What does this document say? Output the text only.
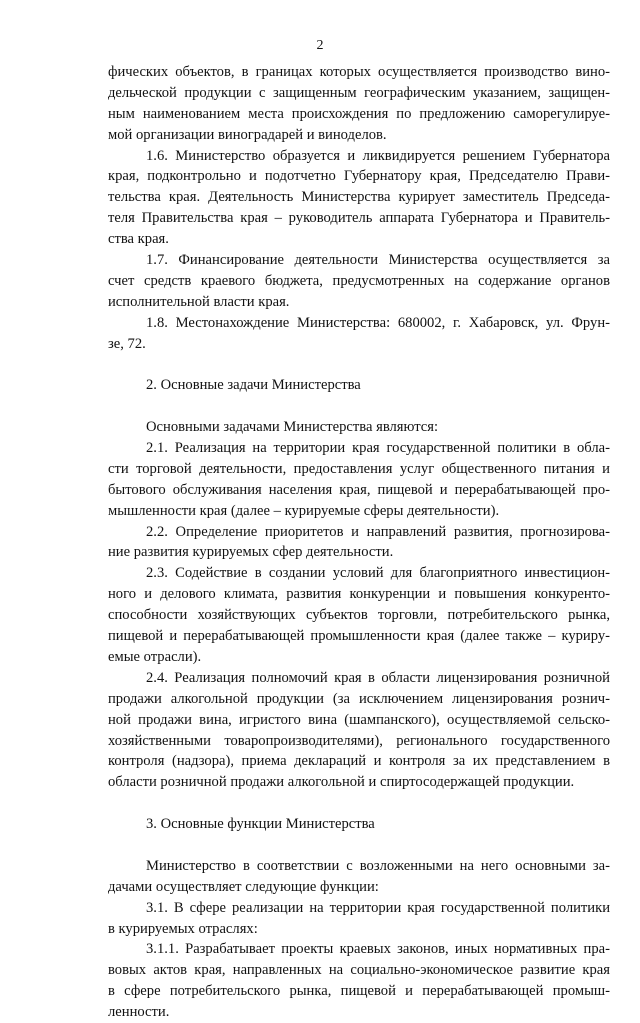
2
фических объектов, в границах которых осуществляется производство вино-
дельческой продукции с защищенным географическим указанием, защищен-
ным наименованием места происхождения по предложению саморегулируе-
мой организации виноградарей и виноделов.
1.6. Министерство образуется и ликвидируется решением Губернатора
края, подконтрольно и подотчетно Губернатору края, Председателю Прави-
тельства края. Деятельность Министерства курирует заместитель Председа-
теля Правительства края – руководитель аппарата Губернатора и Правитель-
ства края.
1.7. Финансирование деятельности Министерства осуществляется за
счет средств краевого бюджета, предусмотренных на содержание органов
исполнительной власти края.
1.8. Местонахождение Министерства: 680002, г. Хабаровск, ул. Фрун-
зе, 72.
2. Основные задачи Министерства
Основными задачами Министерства являются:
2.1. Реализация на территории края государственной политики в обла-
сти торговой деятельности, предоставления услуг общественного питания и
бытового обслуживания населения края, пищевой и перерабатывающей про-
мышленности края (далее – курируемые сферы деятельности).
2.2. Определение приоритетов и направлений развития, прогнозирова-
ние развития курируемых сфер деятельности.
2.3. Содействие в создании условий для благоприятного инвестицион-
ного и делового климата, развития конкуренции и повышения конкуренто-
способности хозяйствующих субъектов торговли, потребительского рынка,
пищевой и перерабатывающей промышленности края (далее также – куриру-
емые отрасли).
2.4. Реализация полномочий края в области лицензирования розничной
продажи алкогольной продукции (за исключением лицензирования рознич-
ной продажи вина, игристого вина (шампанского), осуществляемой сельско-
хозяйственными товаропроизводителями), регионального государственного
контроля (надзора), приема деклараций и контроля за их представлением в
области розничной продажи алкогольной и спиртосодержащей продукции.
3. Основные функции Министерства
Министерство в соответствии с возложенными на него основными за-
дачами осуществляет следующие функции:
3.1. В сфере реализации на территории края государственной политики
в курируемых отраслях:
3.1.1. Разрабатывает проекты краевых законов, иных нормативных пра-
вовых актов края, направленных на социально-экономическое развитие края
в сфере потребительского рынка, пищевой и перерабатывающей промыш-
ленности.
